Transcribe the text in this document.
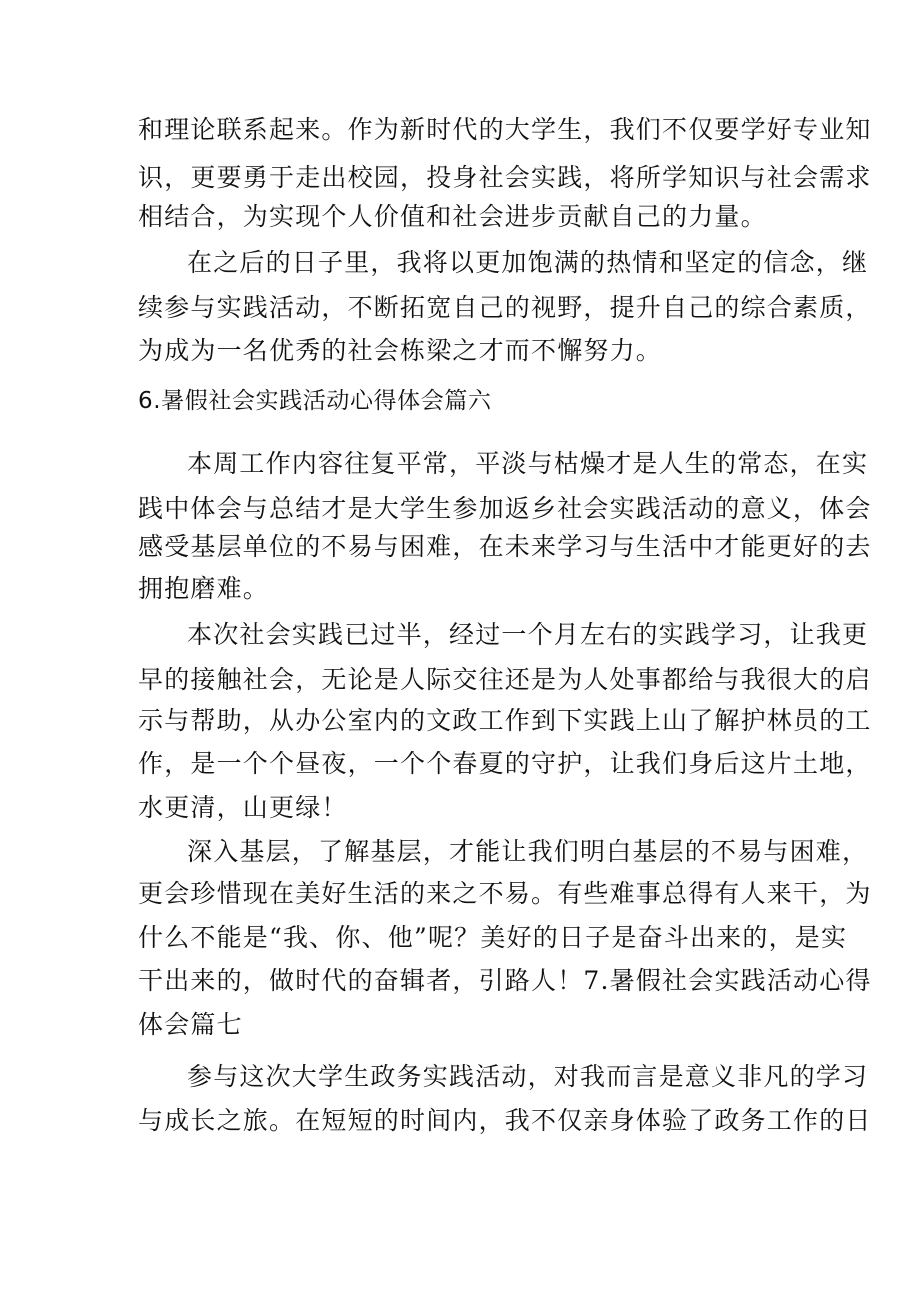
和理论联系起来。作为新时代的大学生，我们不仅要学好专业知
识，更要勇于走出校园，投身社会实践，将所学知识与社会需求
相结合，为实现个人价值和社会进步贡献自己的力量。
在之后的日子里，我将以更加饱满的热情和坚定的信念，继
续参与实践活动，不断拓宽自己的视野，提升自己的综合素质，
为成为一名优秀的社会栋梁之才而不懈努力。
6.暑假社会实践活动心得体会篇六
本周工作内容往复平常，平淡与枯燥才是人生的常态，在实
践中体会与总结才是大学生参加返乡社会实践活动的意义，体会
感受基层单位的不易与困难，在未来学习与生活中才能更好的去
拥抱磨难。
本次社会实践已过半，经过一个月左右的实践学习，让我更
早的接触社会，无论是人际交往还是为人处事都给与我很大的启
示与帮助，从办公室内的文政工作到下实践上山了解护林员的工
作，是一个个昼夜，一个个春夏的守护，让我们身后这片土地，
水更清，山更绿！
深入基层，了解基层，才能让我们明白基层的不易与困难，
更会珍惜现在美好生活的来之不易。有些难事总得有人来干，为
什么不能是“我、你、他”呢？美好的日子是奋斗出来的，是实
干出来的，做时代的奋辑者，引路人！7.暑假社会实践活动心得
体会篇七
参与这次大学生政务实践活动，对我而言是意义非凡的学习
与成长之旅。在短短的时间内，我不仅亲身体验了政务工作的日
